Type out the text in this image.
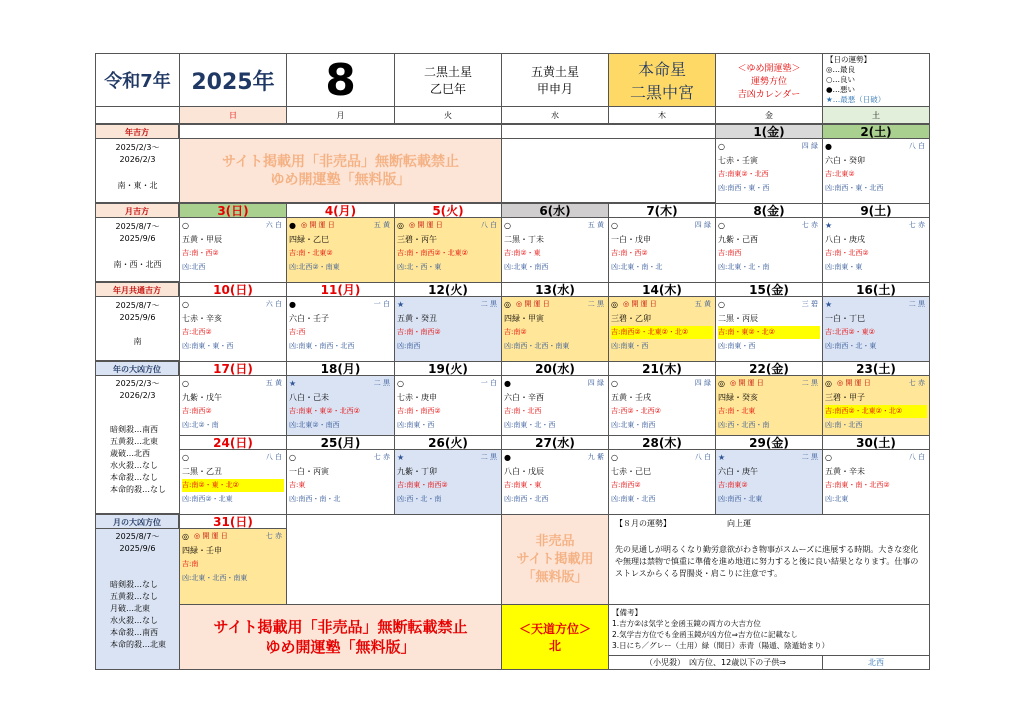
令和7年 2025年 8	二黒土星
乙巳年
五黄土星
甲申月
本命星
二黒中宮
＜ゆめ開運塾＞
運勢方位
吉凶カレンダー
【日の運勢】
◎…最良
○…良い
●…悪い
★…最悪（日破）
日	月	火	水	木	金	土
年吉方
2025/2/3～
2026/2/3
南・東・北
月吉方
2025/8/7～
2025/9/6
南・西・北西
年月共通吉方
2025/8/7～
2025/9/6
南
年の大凶方位
2025/2/3～
2026/2/3
暗剣殺…南西
五黄殺…北東
歳破…北西
水火殺…なし
本命殺…なし
本命的殺…なし
月の大凶方位
2025/8/7～
2025/9/6
暗剣殺…なし
五黄殺…なし
月破…北東
水火殺…なし
本命殺…南西
本命的殺…北東
サイト掲載用「非売品」無断転載禁止
ゆめ開運塾「無料版」
1(金)
○	四 緑
七赤・壬寅
吉:南東②・北西
凶:南西・東・西
2(土)
●	八 白
六白・癸卯
吉:北東②
凶:南西・東・北西
3(日)
○	六 白
五黄・甲辰
吉:南・西②
凶:北西
4(月)
● ◎ 開 運 日	五 黄
四緑・乙巳
吉:南・北東②
凶:北西②・南東
5(火)
◎ ◎ 開 運 日	八 白
三碧・丙午
吉:南・南西②・北東②
凶:北・西・東
6(水)
○	五 黄
二黒・丁未
吉:南②・東
凶:北東・南西
7(木)
○	四 緑
一白・戊申
吉:南・西②
凶:北東・南・北
8(金)
○	七 赤
九紫・己酉
吉:南西
凶:北東・北・南
9(土)
★	七 赤
八白・庚戌
吉:南・北西②
凶:南東・東
10(日)
○	六 白
七赤・辛亥
吉:北西②
凶:南東・東・西
11(月)
●	一 白
六白・壬子
吉:西
凶:南東・南西・北西
12(火)
★	二 黒
五黄・癸丑
吉:南・南西②
凶:南西
13(水)
◎ ◎ 開 運 日	二 黒
四緑・甲寅
吉:南②
凶:南西・北西・南東
14(木)
◎ ◎ 開 運 日	五 黄
三碧・乙卯
吉:南西②・北東②・北②
凶:南東・西
15(金)
○	三 碧
二黒・丙辰
吉:南・東②・北②
凶:南東・西
16(土)
★	二 黒
一白・丁巳
吉:北西②・東②
凶:南西・北・東
17(日)
○	五 黄
九紫・戊午
吉:南西②
凶:北②・南
18(月)
★	二 黒
八白・己未
吉:南東・東②・北西②
凶:北東②・南西
19(火)
○	一 白
七赤・庚申
吉:南・南西②
凶:南東・西
20(水)
●	四 緑
六白・辛酉
吉:南・北西
凶:南東・北・西
21(木)
○	四 緑
五黄・壬戌
吉:西②・北西②
凶:北東・南西
22(金)
◎ ◎ 開 運 日	二 黒
四緑・癸亥
吉:南・北東
凶:西・北西・南
23(土)
◎ ◎ 開 運 日	七 赤
三碧・甲子
吉:南西②・北東②・北②
凶:南・北西
24(日)
○	八 白
二黒・乙丑
吉:南②・東・北②
凶:南西②・北東
25(月)
○	七 赤
一白・丙寅
吉:東
凶:南西・南・北
26(火)
★	二 黒
九紫・丁卯
吉:南東・南西②
凶:西・北・南
27(水)
●	九 紫
八白・戊辰
吉:南東・東
凶:南西・北西
28(木)
○	八 白
七赤・己巳
吉:南西②
凶:南東・北西
29(金)
★	二 黒
六白・庚午
吉:南東②
凶:南西・北東
30(土)
○	八 白
五黄・辛未
吉:南東・南・北西②
凶:北東
31(日)
◎ ◎ 開 運 日	七 赤
四緑・壬申
吉:南
凶:北東・北西・南東
サイト掲載用「非売品」無断転載禁止
ゆめ開運塾「無料版」
非売品
サイト掲載用
「無料版」
＜天道方位＞
北
【８月の運勢】	向上運
先の見通しが明るくなり勤労意欲がわき物事がスムーズに進展する時期。大きな変化や無理は禁物で慎重に準備を進め地道に努力すると後に良い結果となります。仕事のストレスからくる胃腸炎・肩こりに注意です。
【備考】
1.吉方②は気学と金函玉鏡の両方の大吉方位
2.気学吉方位でも金函玉鏡が凶方位⇒吉方位に記載なし
3.日にち／グレー（土用）緑（間日）赤青（陽遁、陰遁始まり）
（小児殺）　凶方位、12歳以下の子供⇒	北西
